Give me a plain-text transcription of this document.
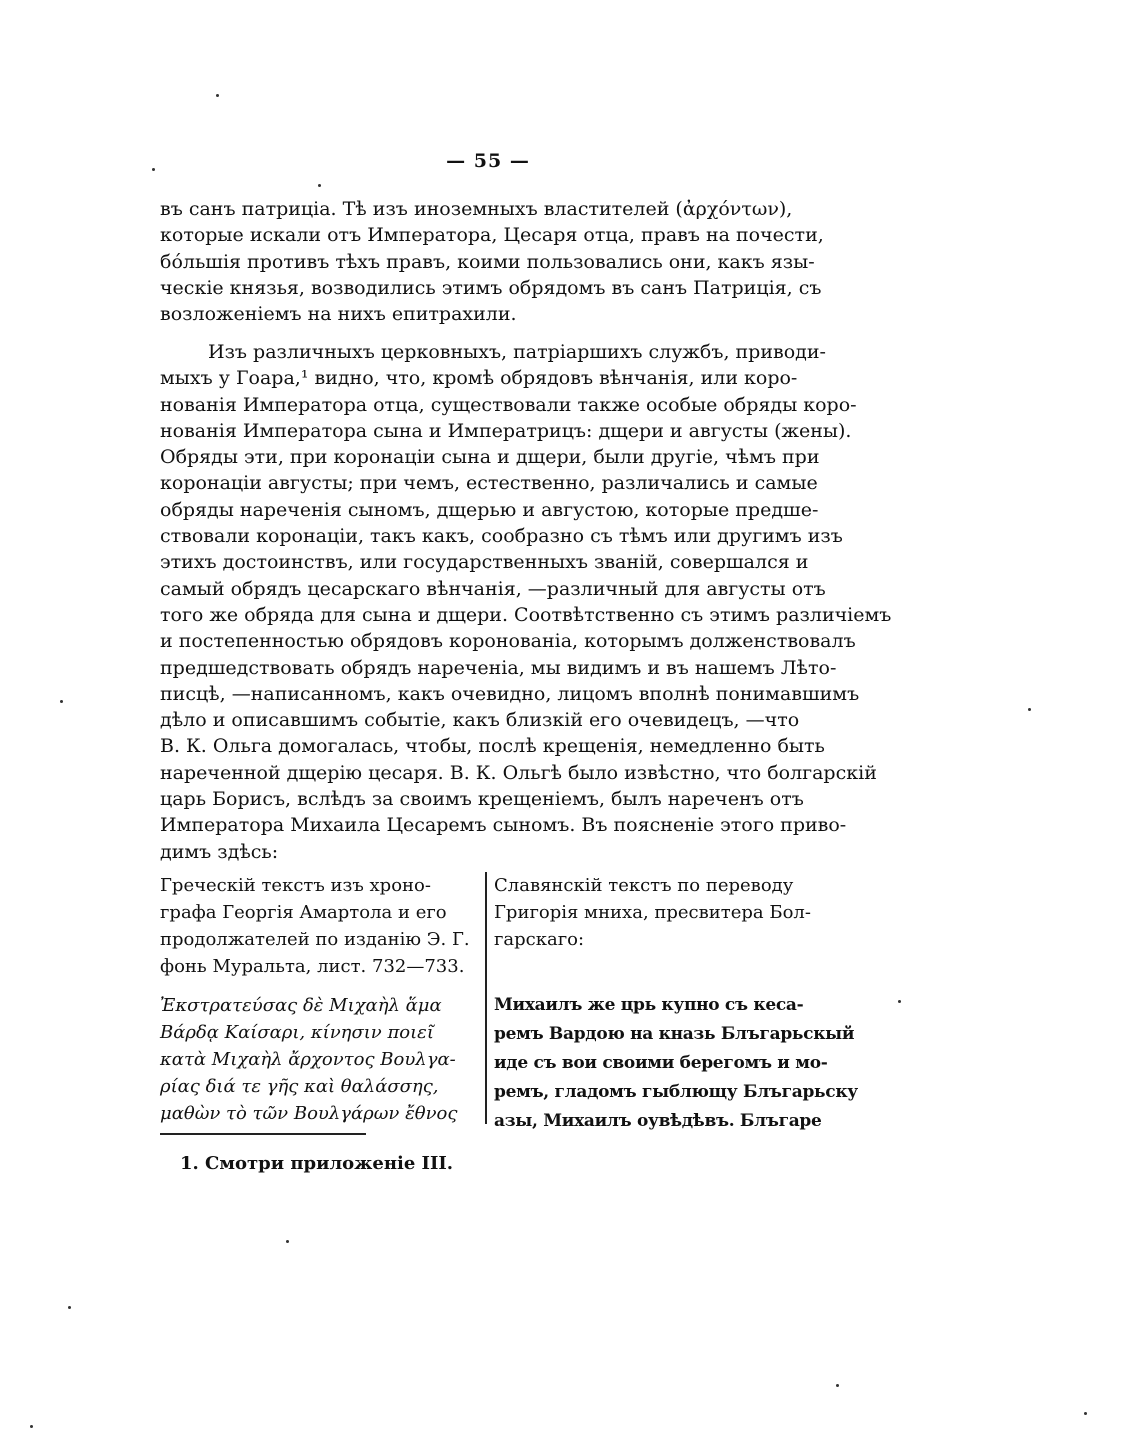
— 55 —

въ санъ патрицiа. Тѣ изъ иноземныхъ властителей (ἀρχόντων),
которые искали отъ Императора, Цесаря отца, правъ на почести,
бо́льшiя противъ тѣхъ правъ, коими пользовались они, какъ язы-
ческiе князья, возводились этимъ обрядомъ въ санъ Патрицiя, съ
возложенiемъ на нихъ епитрахили.

Изъ различныхъ церковныхъ, патрiаршихъ службъ, приводи-
мыхъ у Гоара,¹ видно, что, кромѣ обрядовъ вѣнчанiя, или коро-
нованiя Императора отца, существовали также особые обряды коро-
нованiя Императора сына и Императрицъ: дщери и августы (жены).
Обряды эти, при коронацiи сына и дщери, были другiе, чѣмъ при
коронацiи августы; при чемъ, естественно, различались и самые
обряды нареченiя сыномъ, дщерью и августою, которые предше-
ствовали коронацiи, такъ какъ, сообразно съ тѣмъ или другимъ изъ
этихъ достоинствъ, или государственныхъ званiй, совершался и
самый обрядъ цесарскаго вѣнчанiя, —различный для августы отъ
того же обряда для сына и дщери. Соотвѣтственно съ этимъ различiемъ
и постепенностью обрядовъ коронованiа, которымъ долженствовалъ
предшедствовать обрядъ нареченiа, мы видимъ и въ нашемъ Лѣто-
писцѣ, —написанномъ, какъ очевидно, лицомъ вполнѣ понимавшимъ
дѣло и описавшимъ событiе, какъ близкiй его очевидецъ, —что
В. К. Ольга домогалась, чтобы, послѣ крещенiя, немедленно быть
нареченной дщерiю цесаря. В. К. Ольгѣ было извѣстно, что болгарскiй
царь Борисъ, вслѣдъ за своимъ крещенiемъ, былъ нареченъ отъ
Императора Михаила Цесаремъ сыномъ. Въ поясненiе этого приво-
димъ здѣсь:

Греческiй текстъ изъ хроно-
графа Георгiя Амартола и его
продолжателей по изданiю Э. Г.
фонь Муральта, лист. 732—733.
Ἐκστρατεύσας δὲ Μιχαὴλ ἅμα
Βάρδᾳ Καίσαρι, κίνησιν ποιεῖ
κατὰ Μιχαὴλ ἄρχοντος Βουλγα-
ρίας διά τε γῆς καὶ θαλάσσης,
μαθὼν τὸ τῶν Βουλγάρων ἔθνος
Славянскiй текстъ по переводу
Григорiя мниха, пресвитера Бол-
гарскаго:
Михаилъ же црь купно съ кеса-
ремъ Вардою на кназь Блъгарьскый
иде съ вои своими берегомъ и мо-
ремъ, гладомъ гыблющу Блъгарьску
азы, Михаилъ оувѣдѣвъ. Блъгаре
1. Смотри приложенiе III.
